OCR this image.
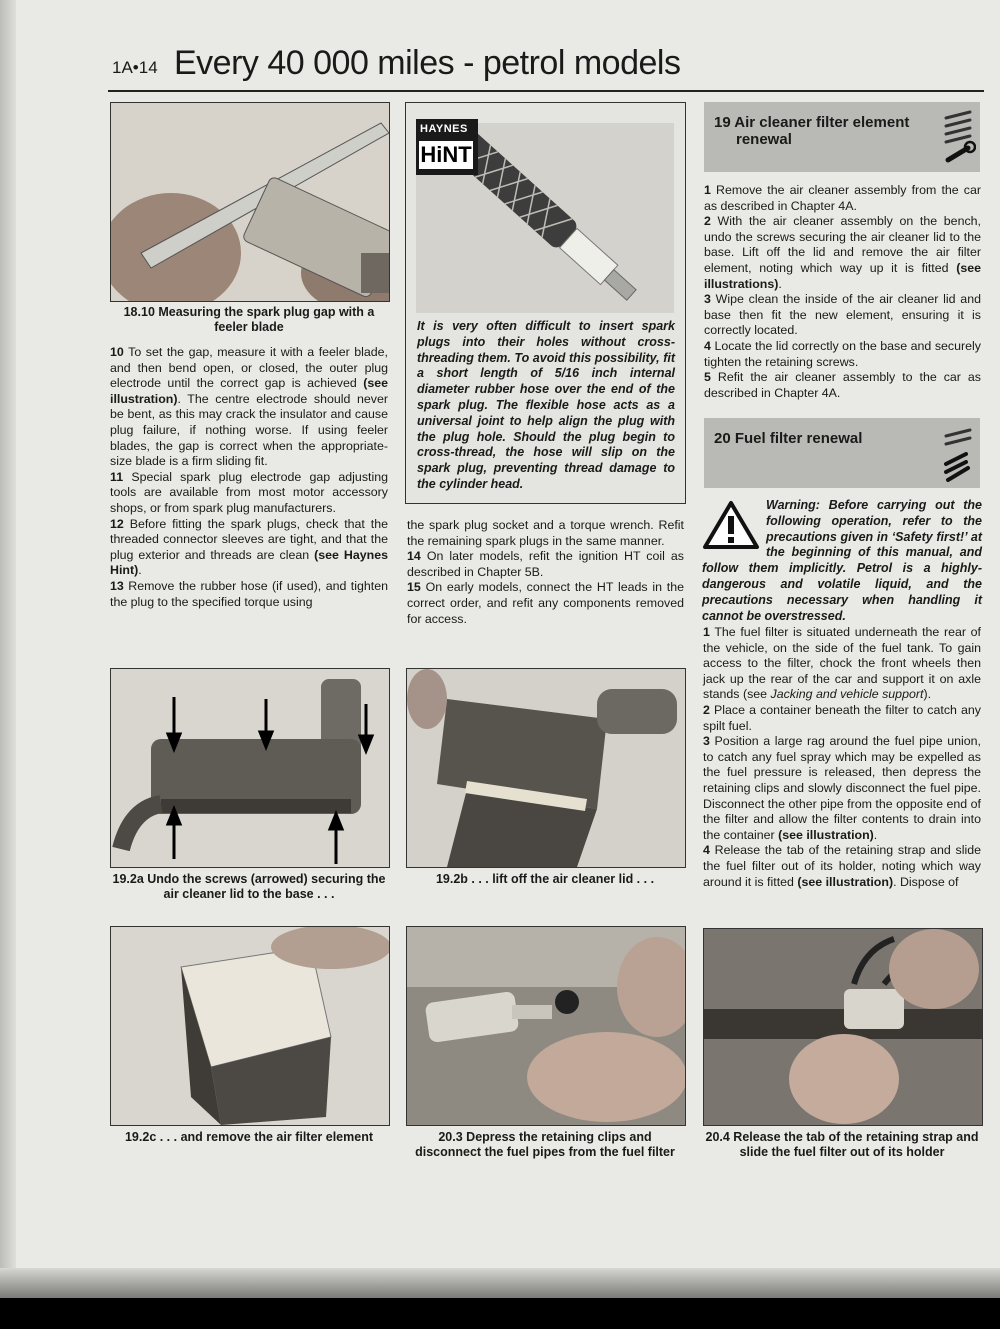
1A•14 Every 40 000 miles - petrol models
18.10 Measuring the spark plug gap with a feeler blade

10 To set the gap, measure it with a feeler blade, and then bend open, or closed, the outer plug electrode until the correct gap is achieved (see illustration). The centre electrode should never be bent, as this may crack the insulator and cause plug failure, if nothing worse. If using feeler blades, the gap is correct when the appropriate-size blade is a firm sliding fit.

11 Special spark plug electrode gap adjusting tools are available from most motor accessory shops, or from spark plug manufacturers.

12 Before fitting the spark plugs, check that the threaded connector sleeves are tight, and that the plug exterior and threads are clean (see Haynes Hint).

13 Remove the rubber hose (if used), and tighten the plug to the specified torque using

HAYNES
HiNT
It is very often difficult to insert spark plugs into their holes without cross-threading them. To avoid this possibility, fit a short length of 5/16 inch internal diameter rubber hose over the end of the spark plug. The flexible hose acts as a universal joint to help align the plug with the plug hole. Should the plug begin to cross-thread, the hose will slip on the spark plug, preventing thread damage to the cylinder head.

the spark plug socket and a torque wrench. Refit the remaining spark plugs in the same manner.

14 On later models, refit the ignition HT coil as described in Chapter 5B.

15 On early models, connect the HT leads in the correct order, and refit any components removed for access.

19 Air cleaner filter element
renewal

1 Remove the air cleaner assembly from the car as described in Chapter 4A.

2 With the air cleaner assembly on the bench, undo the screws securing the air cleaner lid to the base. Lift off the lid and remove the air filter element, noting which way up it is fitted (see illustrations).

3 Wipe clean the inside of the air cleaner lid and base then fit the new element, ensuring it is correctly located.

4 Locate the lid correctly on the base and securely tighten the retaining screws.

5 Refit the air cleaner assembly to the car as described in Chapter 4A.

20 Fuel filter renewal
Warning: Before carrying out the following operation, refer to the precautions given in ‘Safety first!’ at the beginning of this manual, and follow them implicitly. Petrol is a highly-dangerous and volatile liquid, and the precautions necessary when handling it cannot be overstressed.

1 The fuel filter is situated underneath the rear of the vehicle, on the side of the fuel tank. To gain access to the filter, chock the front wheels then jack up the rear of the car and support it on axle stands (see Jacking and vehicle support).

2 Place a container beneath the filter to catch any spilt fuel.

3 Position a large rag around the fuel pipe union, to catch any fuel spray which may be expelled as the fuel pressure is released, then depress the retaining clips and slowly disconnect the fuel pipe. Disconnect the other pipe from the opposite end of the filter and allow the filter contents to drain into the container (see illustration).

4 Release the tab of the retaining strap and slide the fuel filter out of its holder, noting which way around it is fitted (see illustration). Dispose of

19.2a Undo the screws (arrowed) securing the air cleaner lid to the base . . .
19.2b . . . lift off the air cleaner lid . . .
19.2c . . . and remove the air filter element	20.3 Depress the retaining clips and disconnect the fuel pipes from the fuel filter
20.4 Release the tab of the retaining strap and slide the fuel filter out of its holder
